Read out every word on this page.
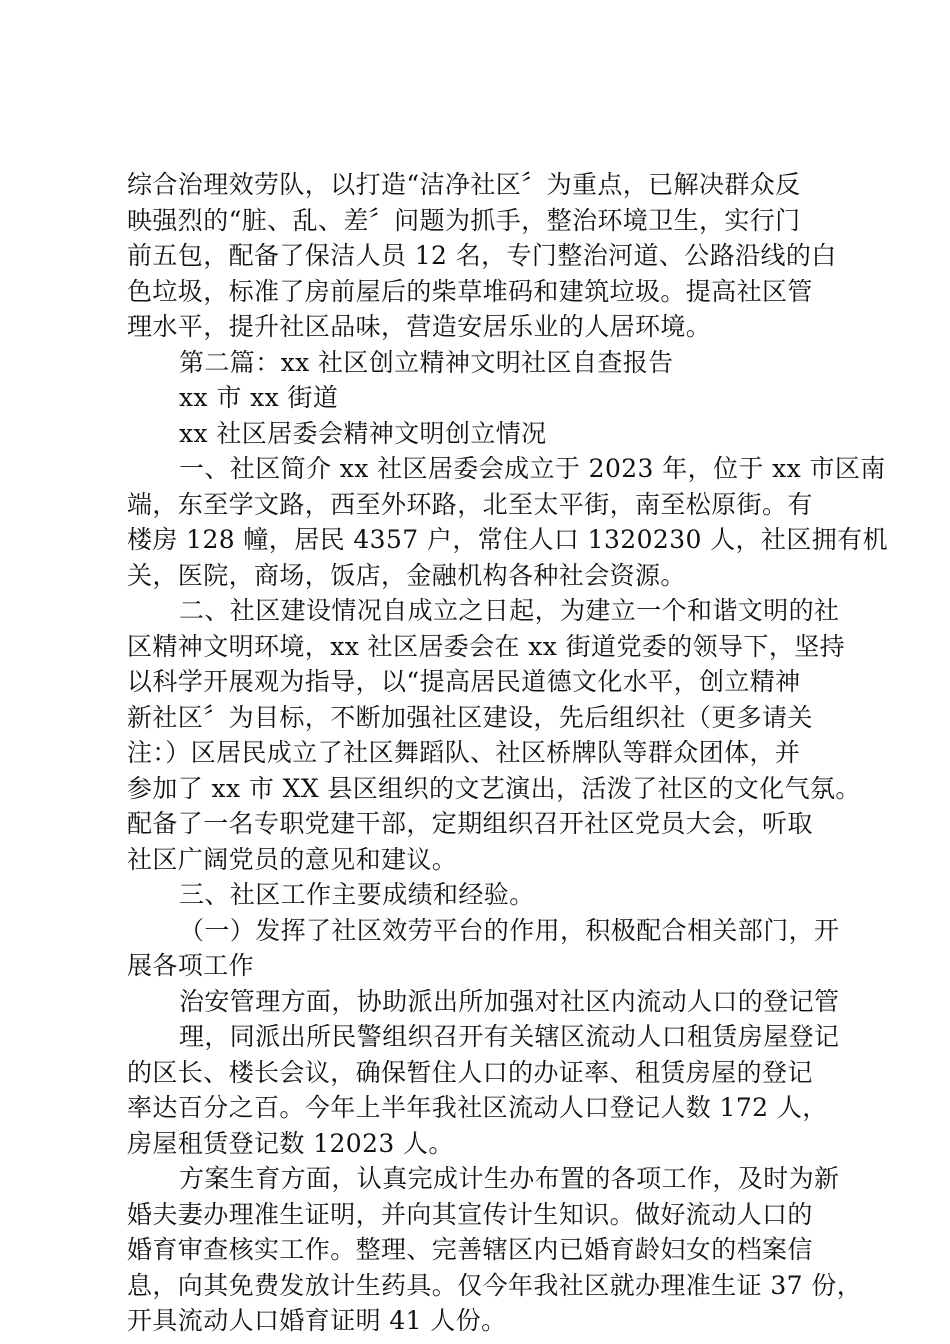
综合治理效劳队，以打造“洁净社区〞为重点，已解决群众反
映强烈的“脏、乱、差〞问题为抓手，整治环境卫生，实行门
前五包，配备了保洁人员 12 名，专门整治河道、公路沿线的白
色垃圾，标准了房前屋后的柴草堆码和建筑垃圾。提高社区管
理水平，提升社区品味，营造安居乐业的人居环境。

第二篇：xx 社区创立精神文明社区自查报告

xx 市 xx 街道

xx 社区居委会精神文明创立情况

一、社区简介 xx 社区居委会成立于 2023 年，位于 xx 市区南
端，东至学文路，西至外环路，北至太平街，南至松原街。有
楼房 128 幢，居民 4357 户，常住人口 1320230 人，社区拥有机
关，医院，商场，饭店，金融机构各种社会资源。

二、社区建设情况自成立之日起，为建立一个和谐文明的社
区精神文明环境，xx 社区居委会在 xx 街道党委的领导下，坚持
以科学开展观为指导，以“提高居民道德文化水平，创立精神
新社区〞为目标，不断加强社区建设，先后组织社（更多请关
注：）区居民成立了社区舞蹈队、社区桥牌队等群众团体，并
参加了 xx 市 XX 县区组织的文艺演出，活泼了社区的文化气氛。
配备了一名专职党建干部，定期组织召开社区党员大会，听取
社区广阔党员的意见和建议。

三、社区工作主要成绩和经验。

（一）发挥了社区效劳平台的作用，积极配合相关部门，开
展各项工作

治安管理方面，协助派出所加强对社区内流动人口的登记管

理，同派出所民警组织召开有关辖区流动人口租赁房屋登记
的区长、楼长会议，确保暂住人口的办证率、租赁房屋的登记
率达百分之百。今年上半年我社区流动人口登记人数 172 人，
房屋租赁登记数 12023 人。

方案生育方面，认真完成计生办布置的各项工作，及时为新
婚夫妻办理准生证明，并向其宣传计生知识。做好流动人口的
婚育审查核实工作。整理、完善辖区内已婚育龄妇女的档案信
息，向其免费发放计生药具。仅今年我社区就办理准生证 37 份，
开具流动人口婚育证明 41 人份。
